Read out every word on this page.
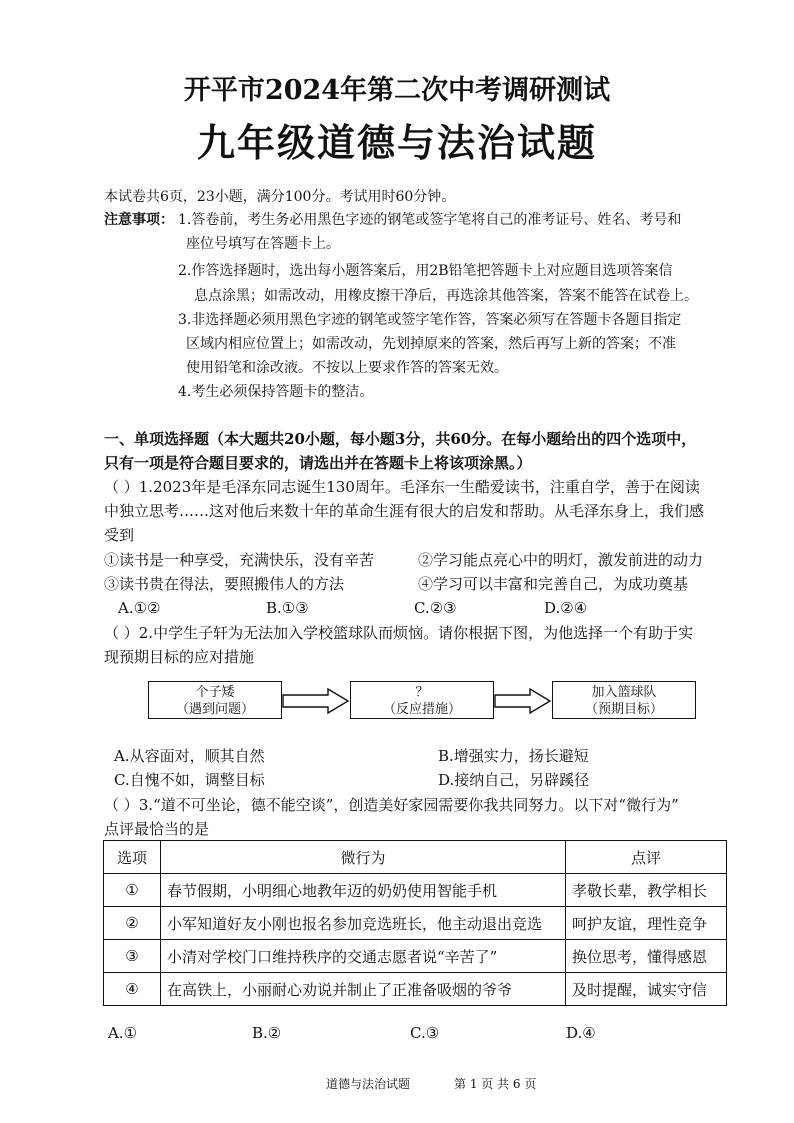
开平市2024年第二次中考调研测试
九年级道德与法治试题
本试卷共6页，23小题，满分100分。考试用时60分钟。
注意事项： 1.答卷前，考生务必用黑色字迹的钢笔或签字笔将自己的准考证号、姓名、考号和
座位号填写在答题卡上。
2.作答选择题时，选出每小题答案后，用2B铅笔把答题卡上对应题目选项答案信
息点涂黑；如需改动，用橡皮擦干净后，再选涂其他答案，答案不能答在试卷上。
3.非选择题必须用黑色字迹的钢笔或签字笔作答，答案必须写在答题卡各题目指定
区域内相应位置上；如需改动，先划掉原来的答案，然后再写上新的答案；不准
使用铅笔和涂改液。不按以上要求作答的答案无效。
4.考生必须保持答题卡的整洁。
一、单项选择题（本大题共20小题，每小题3分，共60分。在每小题给出的四个选项中，
只有一项是符合题目要求的，请选出并在答题卡上将该项涂黑。）
（ ）1.2023年是毛泽东同志诞生130周年。毛泽东一生酷爱读书，注重自学，善于在阅读
中独立思考……这对他后来数十年的革命生涯有很大的启发和帮助。从毛泽东身上，我们感
受到
①读书是一种享受，充满快乐，没有辛苦	②学习能点亮心中的明灯，激发前进的动力
③读书贵在得法，要照搬伟人的方法	④学习可以丰富和完善自己，为成功奠基
A.①②	B.①③	C.②③	D.②④
（ ）2.中学生子轩为无法加入学校篮球队而烦恼。请你根据下图，为他选择一个有助于实
现预期目标的应对措施
个子矮
（遇到问题）
？
（反应措施）
加入篮球队
（预期目标）
A.从容面对，顺其自然	B.增强实力，扬长避短
C.自愧不如，调整目标	D.接纳自己，另辟蹊径
（ ）3.“道不可坐论，德不能空谈”，创造美好家园需要你我共同努力。以下对“微行为”
点评最恰当的是
选项	微行为	点评
①	春节假期，小明细心地教年迈的奶奶使用智能手机	孝敬长辈，教学相长
②	小军知道好友小刚也报名参加竞选班长，他主动退出竞选	呵护友谊，理性竞争
③	小清对学校门口维持秩序的交通志愿者说“辛苦了”	换位思考，懂得感恩
④	在高铁上，小丽耐心劝说并制止了正准备吸烟的爷爷	及时提醒，诚实守信
A.①	B.②	C.③	D.④
道德与法治试题	第 1 页 共 6 页
